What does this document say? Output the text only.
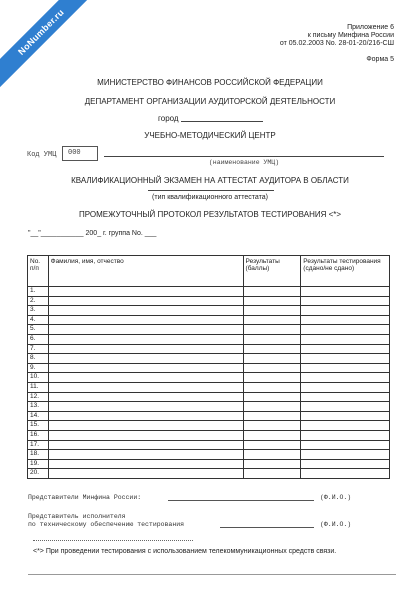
NoNumber.ru	Приложение 6
к письму Минфина России
от 05.02.2003 No. 28-01-20/216-СШ
Форма 5
МИНИСТЕРСТВО ФИНАНСОВ РОССИЙСКОЙ ФЕДЕРАЦИИ
ДЕПАРТАМЕНТ ОРГАНИЗАЦИИ АУДИТОРСКОЙ ДЕЯТЕЛЬНОСТИ
город
УЧЕБНО-МЕТОДИЧЕСКИЙ ЦЕНТР
Код УМЦ 000
(наименование УМЦ)
КВАЛИФИКАЦИОННЫЙ ЭКЗАМЕН НА АТТЕСТАТ АУДИТОРА В ОБЛАСТИ
(тип квалификационного аттестата)
ПРОМЕЖУТОЧНЫЙ ПРОТОКОЛ РЕЗУЛЬТАТОВ ТЕСТИРОВАНИЯ <*>
"__"___________ 200_ г. группа No. ___
No. п/п	Фамилия, имя, отчество	Результаты (баллы)	Результаты тестирования (сдано/не сдано)
1.			
2.			
3.			
4.			
5.			
6.			
7.			
8.			
9.			
10.			
11.			
12.			
13.			
14.			
15.			
16.			
17.			
18.			
19.			
20.			
Представители Минфина России:	(Ф.И.О.)
Представитель исполнителя
по техническому обеспечению тестирования	(Ф.И.О.)
<*> При проведении тестирования с использованием телекоммуникационных средств связи.
